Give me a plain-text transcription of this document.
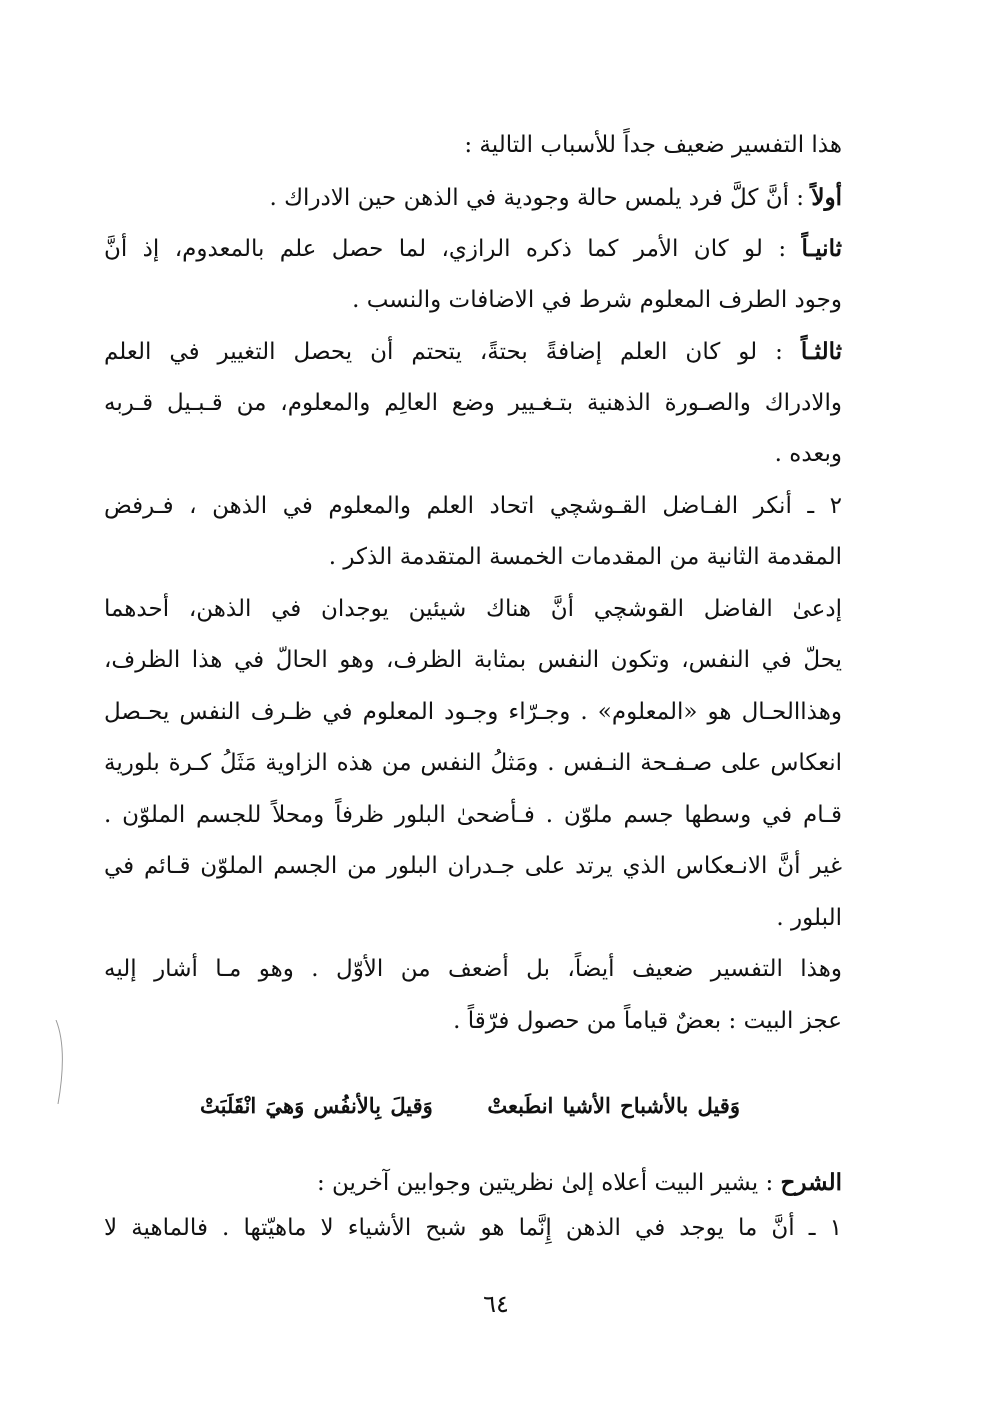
هذا التفسير ضعيف جداً للأسباب التالية :
أولاً : أنَّ كلَّ فرد يلمس حالة وجودية في الذهن حين الادراك .
ثانيـاً : لو كان الأمر كما ذكره الرازي، لما حصل علم بالمعدوم، إذ أنَّ
وجود الطرف المعلوم شرط في الاضافات والنسب .
ثالثـاً : لو كان العلم إضافةً بحتةً، يتحتم أن يحصل التغيير في العلم
والادراك والصـورة الذهنية بتـغـيير وضع العالِم والمعلوم، من قـبـيل قـربه
وبعده .
٢ ـ أنكر الفـاضل القـوشچي اتحاد العلم والمعلوم في الذهن ، فـرفض
المقدمة الثانية من المقدمات الخمسة المتقدمة الذكر .
إدعىٰ الفاضل القوشچي أنَّ هناك شيئين يوجدان في الذهن، أحدهما
يحلّ في النفس، وتكون النفس بمثابة الظرف، وهو الحالّ في هذا الظرف،
وهذاالحـال هو «المعلوم» . وجـرّاء وجـود المعلوم في ظـرف النفس يحـصل
انعكاس على صـفـحة النـفس . ومَثلُ النفس من هذه الزاوية مَثَلُ كـرة بلورية
قـام في وسطها جسم ملوّن . فـأضحىٰ البلور ظرفاً ومحلاً للجسم الملوّن .
غير أنَّ الانـعكاس الذي يرتد على جـدران البلور من الجسم الملوّن قـائم في
البلور .
وهذا التفسير ضعيف أيضاً، بل أضعف من الأوّل . وهو مـا أشار إليه
عجز البيت : بعضٌ قياماً من حصول فرّقاً .
وَقيل بالأشباح الأشيا انطَبعتْ  وَقيلَ بِالأنفُس وَهيَ انْقَلَبَتْ
الشرح : يشير البيت أعلاه إلىٰ نظريتين وجوابين آخرين :
١ ـ أنَّ ما يوجد في الذهن إِنَّما هو شبح الأشياء لا ماهيّتها . فالماهية لا
٦٤
